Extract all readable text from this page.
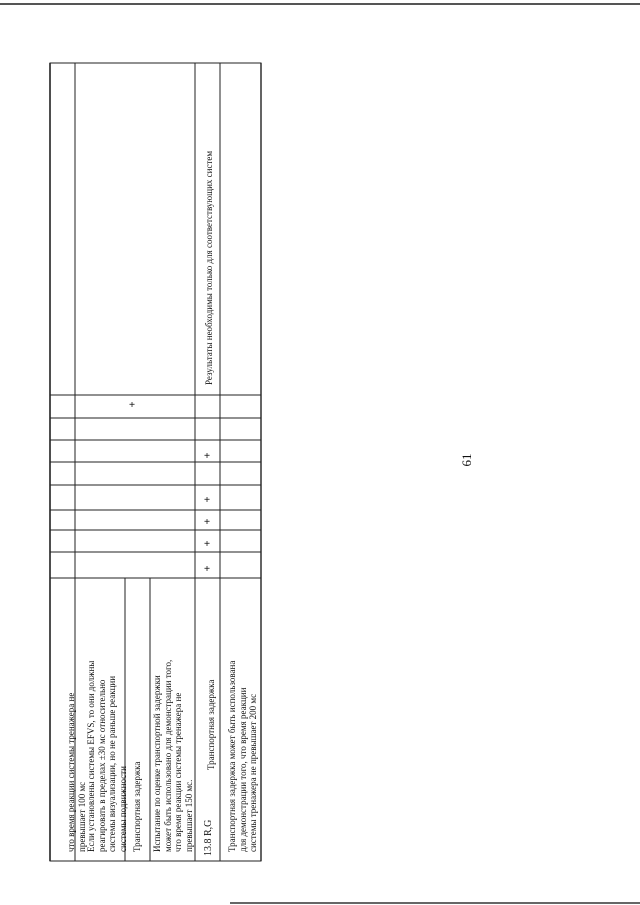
61

что время реакции системы тренажера не превышает 100 мс Если установлены системы EFVS, то они должны реагировать в пределах ±30 мс относительно системы визуализации, но не раньше реакции системы подвижности Транспортная задержка Испытание по оценке транспортной задержки может быть использовано для демонстрации того, что время реакции системы тренажера не превышает 150 мс.

+
+
+
+
+
+

13.8 R,G

Транспортная задержка Транспортная задержка может быть использована для демонстрации того, что время реакции системы тренажера не превышает 200 мс

Результаты необходимы только для соответствующих систем
